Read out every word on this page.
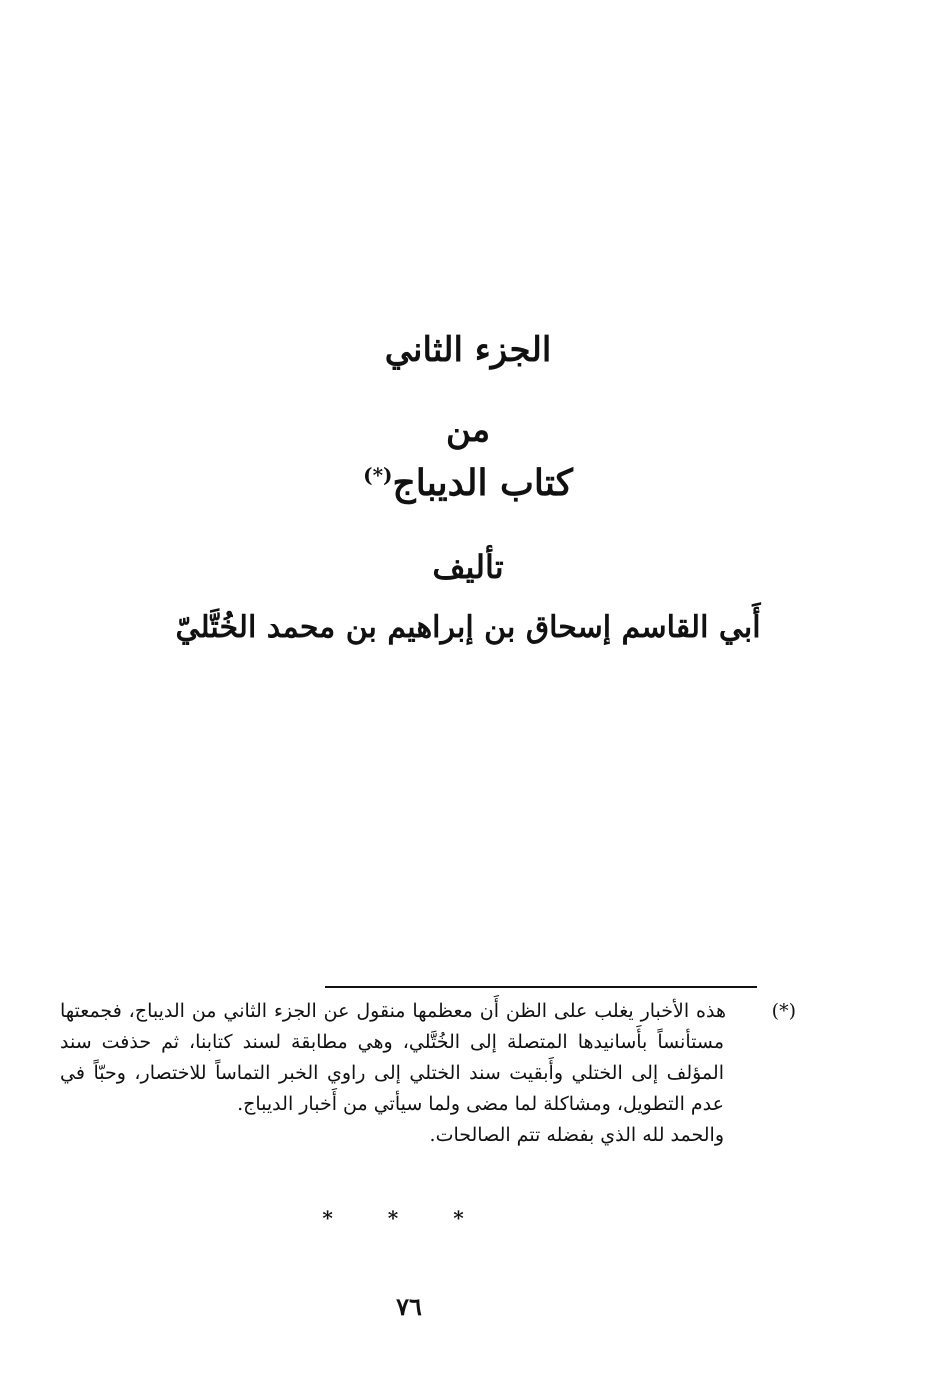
الجزء الثاني
من
كتاب الديباج(*)
تأليف
أَبي القاسم إسحاق بن إبراهيم بن محمد الخُتَّليّ

(*)هذه الأخبار يغلب على الظن أَن معظمها منقول عن الجزء الثاني من الديباج، فجمعتها مستأنساً بأَسانيدها المتصلة إلى الخُتَّلي، وهي مطابقة لسند كتابنا، ثم حذفت سند المؤلف إلى الختلي وأَبقيت سند الختلي إلى راوي الخبر التماساً للاختصار، وحبّاً في عدم التطويل، ومشاكلة لما مضى ولما سيأتي من أَخبار الديباج.

والحمد لله الذي بفضله تتم الصالحات.

* * *
٧٦
